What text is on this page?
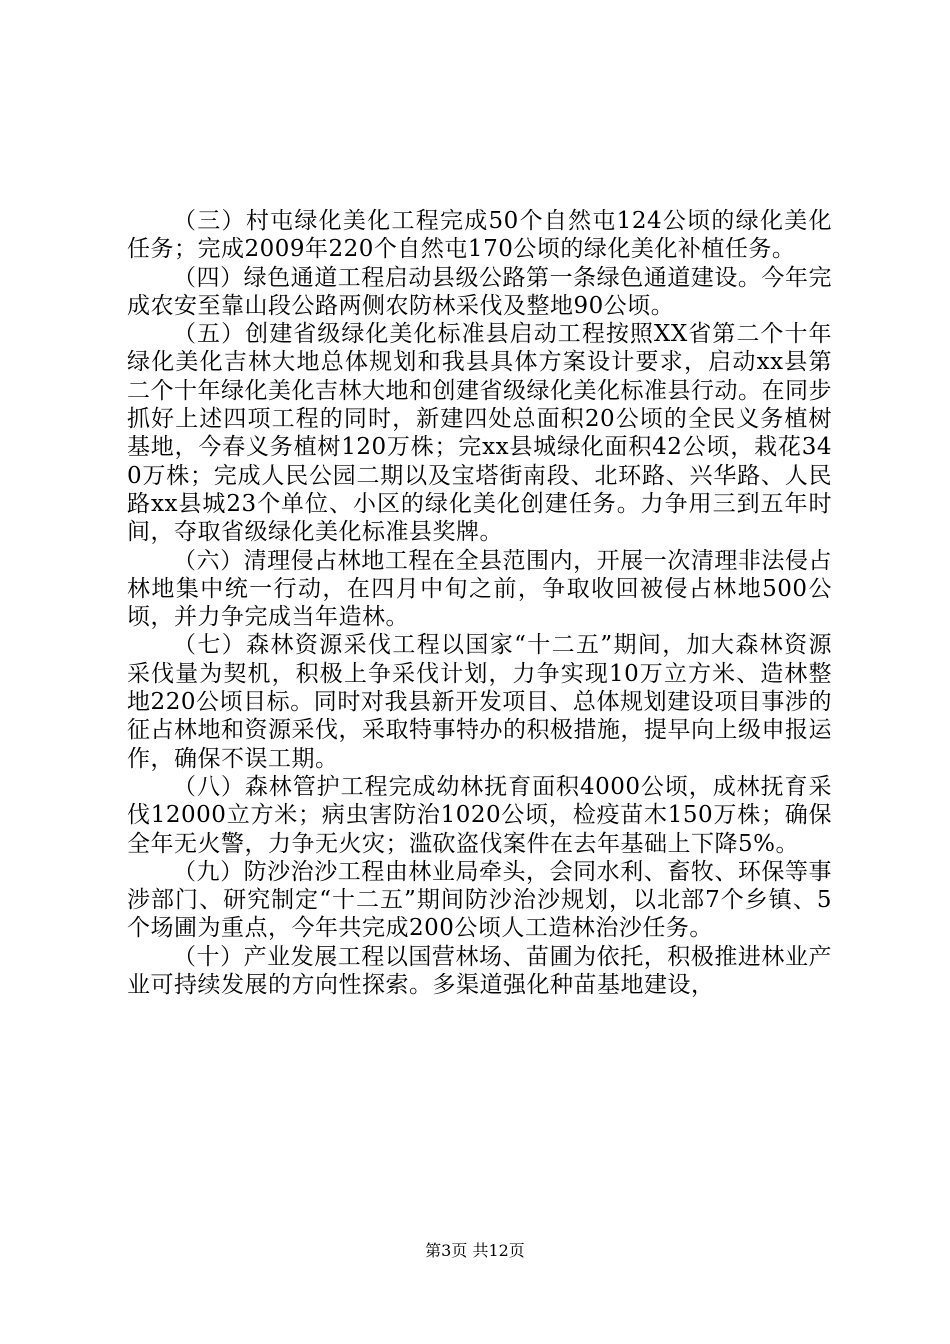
（三）村屯绿化美化工程完成50个自然屯124公顷的绿化美化任务；完成2009年220个自然屯170公顷的绿化美化补植任务。

（四）绿色通道工程启动县级公路第一条绿色通道建设。今年完成农安至靠山段公路两侧农防林采伐及整地90公顷。

（五）创建省级绿化美化标准县启动工程按照XX省第二个十年绿化美化吉林大地总体规划和我县具体方案设计要求，启动xx县第二个十年绿化美化吉林大地和创建省级绿化美化标准县行动。在同步抓好上述四项工程的同时，新建四处总面积20公顷的全民义务植树基地，今春义务植树120万株；完xx县城绿化面积42公顷，栽花340万株；完成人民公园二期以及宝塔街南段、北环路、兴华路、人民路xx县城23个单位、小区的绿化美化创建任务。力争用三到五年时间，夺取省级绿化美化标准县奖牌。

（六）清理侵占林地工程在全县范围内，开展一次清理非法侵占林地集中统一行动，在四月中旬之前，争取收回被侵占林地500公顷，并力争完成当年造林。

（七）森林资源采伐工程以国家“十二五”期间，加大森林资源采伐量为契机，积极上争采伐计划，力争实现10万立方米、造林整地220公顷目标。同时对我县新开发项目、总体规划建设项目事涉的征占林地和资源采伐，采取特事特办的积极措施，提早向上级申报运作，确保不误工期。

（八）森林管护工程完成幼林抚育面积4000公顷，成林抚育采伐12000立方米；病虫害防治1020公顷，检疫苗木150万株；确保全年无火警，力争无火灾；滥砍盗伐案件在去年基础上下降5%。

（九）防沙治沙工程由林业局牵头，会同水利、畜牧、环保等事涉部门、研究制定“十二五”期间防沙治沙规划，以北部7个乡镇、5个场圃为重点，今年共完成200公顷人工造林治沙任务。

（十）产业发展工程以国营林场、苗圃为依托，积极推进林业产业可持续发展的方向性探索。多渠道强化种苗基地建设，

第3页 共12页
